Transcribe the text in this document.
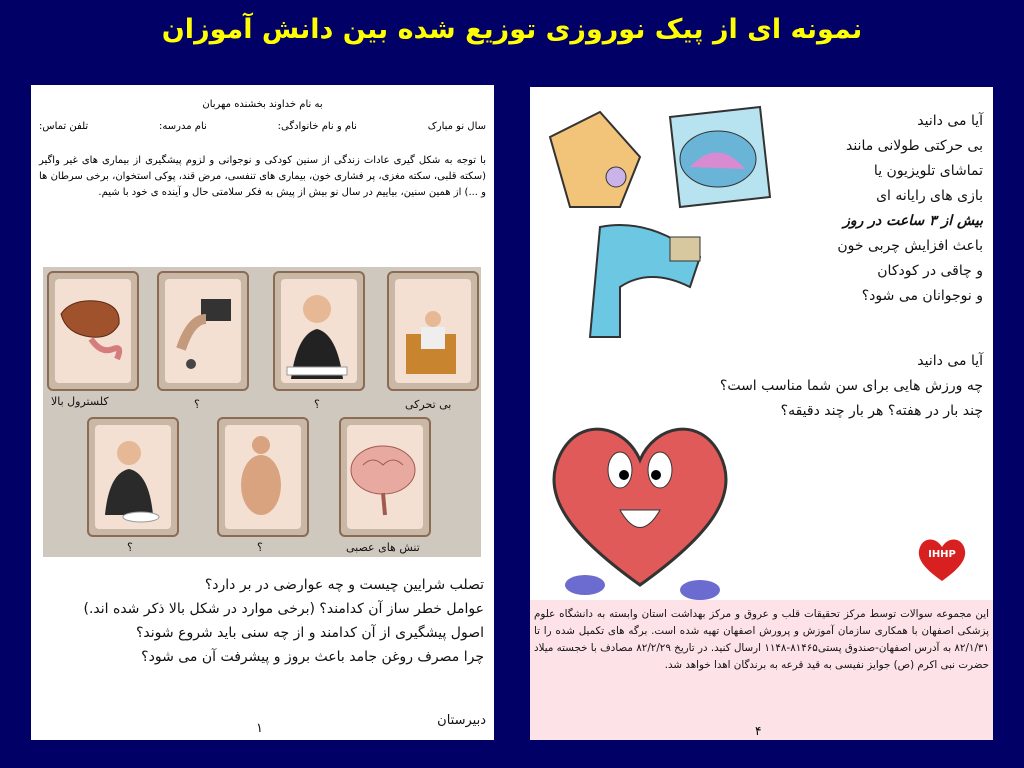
نمونه ای از پیک نوروزی توزیع شده بین دانش آموزان
به نام خداوند بخشنده مهربان
سال نو مبارک
نام و نام خانوادگی:
نام مدرسه:
تلفن تماس:
با توجه به شکل گیری عادات زندگی از سنین کودکی و نوجوانی و لزوم پیشگیری از بیماری های غیر واگیر (سکته قلبی، سکته مغزی، پر فشاری خون، بیماری های تنفسی، مرض قند، پوکی استخوان، برخی سرطان ها و ...) از همین سنین، بیاییم در سال نو بیش از پیش به فکر سلامتی حال و آینده ی خود با شیم.
کلسترول بالا	؟	؟	بی تحرکی
؟	؟	تنش های عصبی
تصلب شرایین چیست و چه عوارضی در بر دارد؟
عوامل خطر ساز آن کدامند؟ (برخی موارد در شکل بالا ذکر شده اند.)
اصول پیشگیری از آن کدامند و از چه سنی باید شروع شوند؟
چرا مصرف روغن جامد باعث بروز و پیشرفت آن می شود؟
دبیرستان
۱
آیا می دانید
بی حرکتی طولانی مانند
تماشای تلویزیون یا
بازی های رایانه ای
بیش از ۳ ساعت در روز
باعث افزایش چربی خون
و چاقی در کودکان
و نوجوانان می شود؟
آیا می دانید
چه ورزش هایی برای سن شما مناسب است؟
چند بار در هفته؟ هر بار چند دقیقه؟
IHHP
این مجموعه سوالات توسط مرکز تحقیقات قلب و عروق و مرکز بهداشت استان وابسته به دانشگاه علوم پزشکی اصفهان با همکاری سازمان آموزش و پرورش اصفهان تهیه شده است. برگه های تکمیل شده را تا ۸۲/۱/۳۱ به آدرس اصفهان-صندوق پستی۸۱۴۶۵-۱۱۴۸ ارسال کنید. در تاریخ ۸۲/۲/۲۹ مصادف با خجسته میلاد حضرت نبی اکرم (ص) جوایز نفیسی به قید قرعه به برندگان اهدا خواهد شد.
۴
